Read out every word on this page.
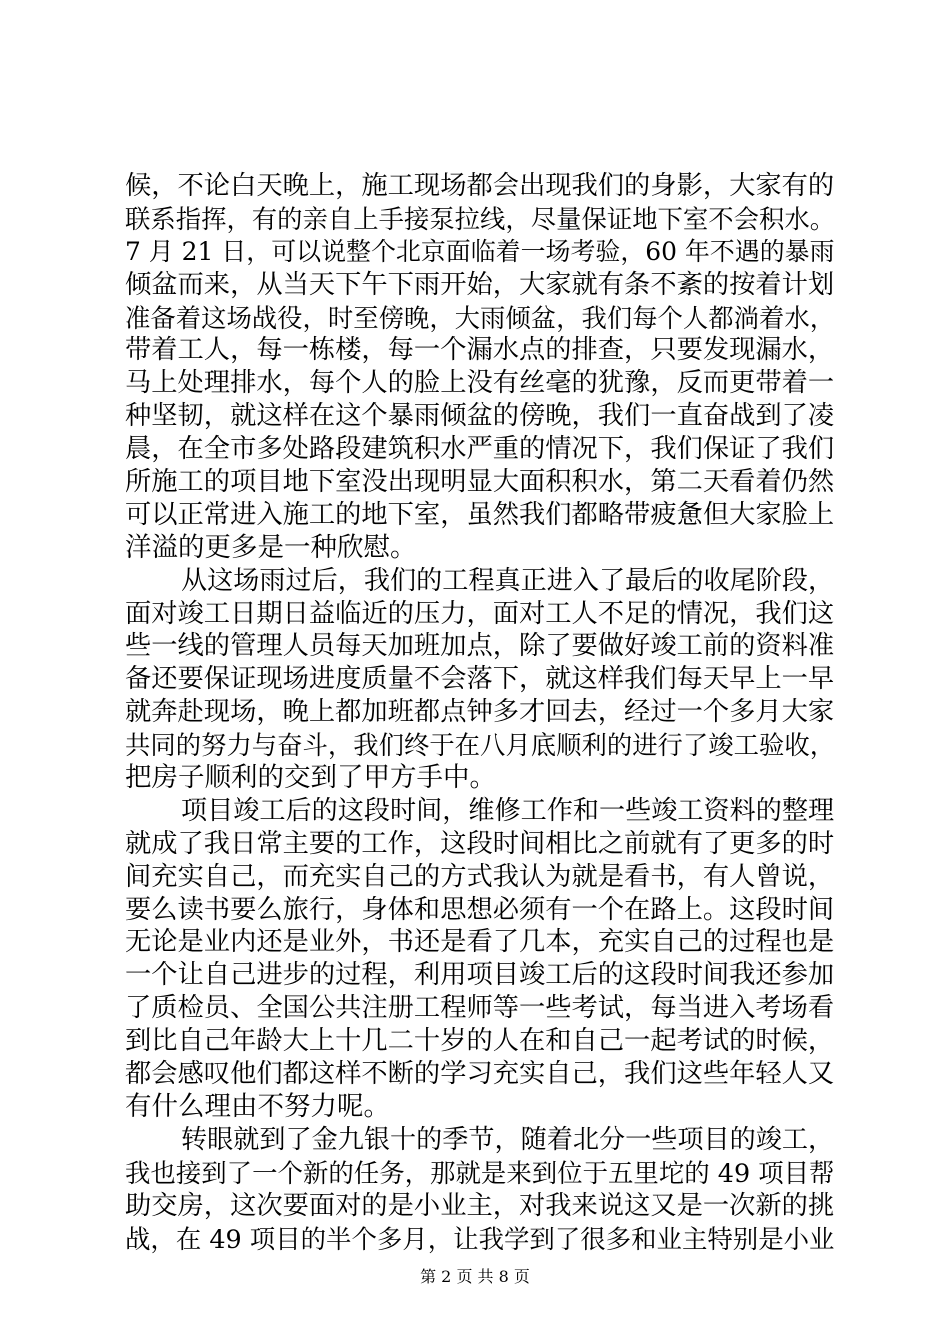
候，不论白天晚上，施工现场都会出现我们的身影，大家有的
联系指挥，有的亲自上手接泵拉线，尽量保证地下室不会积水。
7 月 21 日，可以说整个北京面临着一场考验，60 年不遇的暴雨
倾盆而来，从当天下午下雨开始，大家就有条不紊的按着计划
准备着这场战役，时至傍晚，大雨倾盆，我们每个人都淌着水，
带着工人，每一栋楼，每一个漏水点的排查，只要发现漏水，
马上处理排水，每个人的脸上没有丝毫的犹豫，反而更带着一
种坚韧，就这样在这个暴雨倾盆的傍晚，我们一直奋战到了凌
晨，在全市多处路段建筑积水严重的情况下，我们保证了我们
所施工的项目地下室没出现明显大面积积水，第二天看着仍然
可以正常进入施工的地下室，虽然我们都略带疲惫但大家脸上
洋溢的更多是一种欣慰。
从这场雨过后，我们的工程真正进入了最后的收尾阶段，
面对竣工日期日益临近的压力，面对工人不足的情况，我们这
些一线的管理人员每天加班加点，除了要做好竣工前的资料准
备还要保证现场进度质量不会落下，就这样我们每天早上一早
就奔赴现场，晚上都加班都点钟多才回去，经过一个多月大家
共同的努力与奋斗，我们终于在八月底顺利的进行了竣工验收，
把房子顺利的交到了甲方手中。
项目竣工后的这段时间，维修工作和一些竣工资料的整理
就成了我日常主要的工作，这段时间相比之前就有了更多的时
间充实自己，而充实自己的方式我认为就是看书，有人曾说，
要么读书要么旅行，身体和思想必须有一个在路上。这段时间
无论是业内还是业外，书还是看了几本，充实自己的过程也是
一个让自己进步的过程，利用项目竣工后的这段时间我还参加
了质检员、全国公共注册工程师等一些考试，每当进入考场看
到比自己年龄大上十几二十岁的人在和自己一起考试的时候，
都会感叹他们都这样不断的学习充实自己，我们这些年轻人又
有什么理由不努力呢。
转眼就到了金九银十的季节，随着北分一些项目的竣工，
我也接到了一个新的任务，那就是来到位于五里坨的 49 项目帮
助交房，这次要面对的是小业主，对我来说这又是一次新的挑
战，在 49 项目的半个多月，让我学到了很多和业主特别是小业
第 2 页 共 8 页
